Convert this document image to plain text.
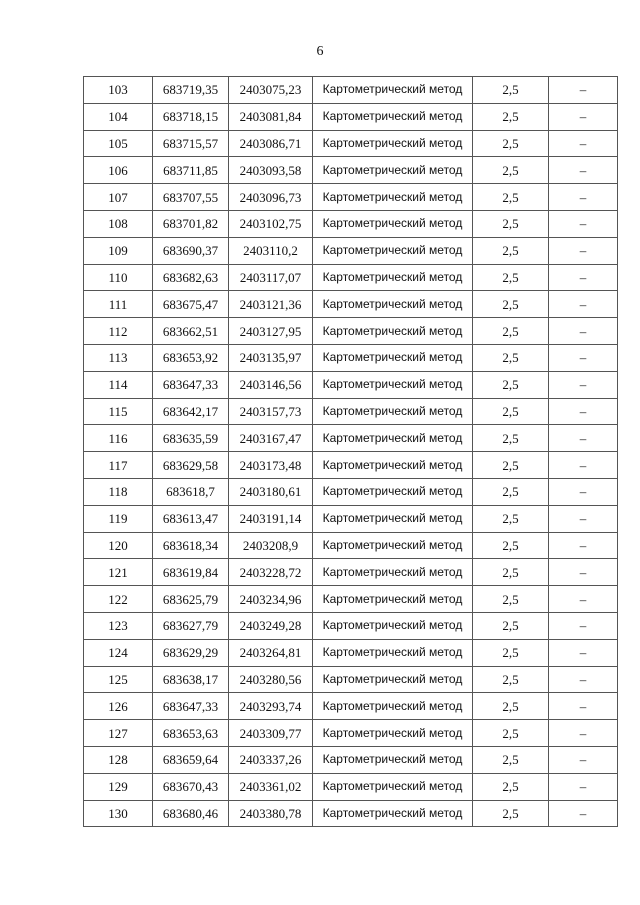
6
103	683719,35	2403075,23	Картометрический метод	2,5	–
104	683718,15	2403081,84	Картометрический метод	2,5	–
105	683715,57	2403086,71	Картометрический метод	2,5	–
106	683711,85	2403093,58	Картометрический метод	2,5	–
107	683707,55	2403096,73	Картометрический метод	2,5	–
108	683701,82	2403102,75	Картометрический метод	2,5	–
109	683690,37	2403110,2	Картометрический метод	2,5	–
110	683682,63	2403117,07	Картометрический метод	2,5	–
111	683675,47	2403121,36	Картометрический метод	2,5	–
112	683662,51	2403127,95	Картометрический метод	2,5	–
113	683653,92	2403135,97	Картометрический метод	2,5	–
114	683647,33	2403146,56	Картометрический метод	2,5	–
115	683642,17	2403157,73	Картометрический метод	2,5	–
116	683635,59	2403167,47	Картометрический метод	2,5	–
117	683629,58	2403173,48	Картометрический метод	2,5	–
118	683618,7	2403180,61	Картометрический метод	2,5	–
119	683613,47	2403191,14	Картометрический метод	2,5	–
120	683618,34	2403208,9	Картометрический метод	2,5	–
121	683619,84	2403228,72	Картометрический метод	2,5	–
122	683625,79	2403234,96	Картометрический метод	2,5	–
123	683627,79	2403249,28	Картометрический метод	2,5	–
124	683629,29	2403264,81	Картометрический метод	2,5	–
125	683638,17	2403280,56	Картометрический метод	2,5	–
126	683647,33	2403293,74	Картометрический метод	2,5	–
127	683653,63	2403309,77	Картометрический метод	2,5	–
128	683659,64	2403337,26	Картометрический метод	2,5	–
129	683670,43	2403361,02	Картометрический метод	2,5	–
130	683680,46	2403380,78	Картометрический метод	2,5	–
